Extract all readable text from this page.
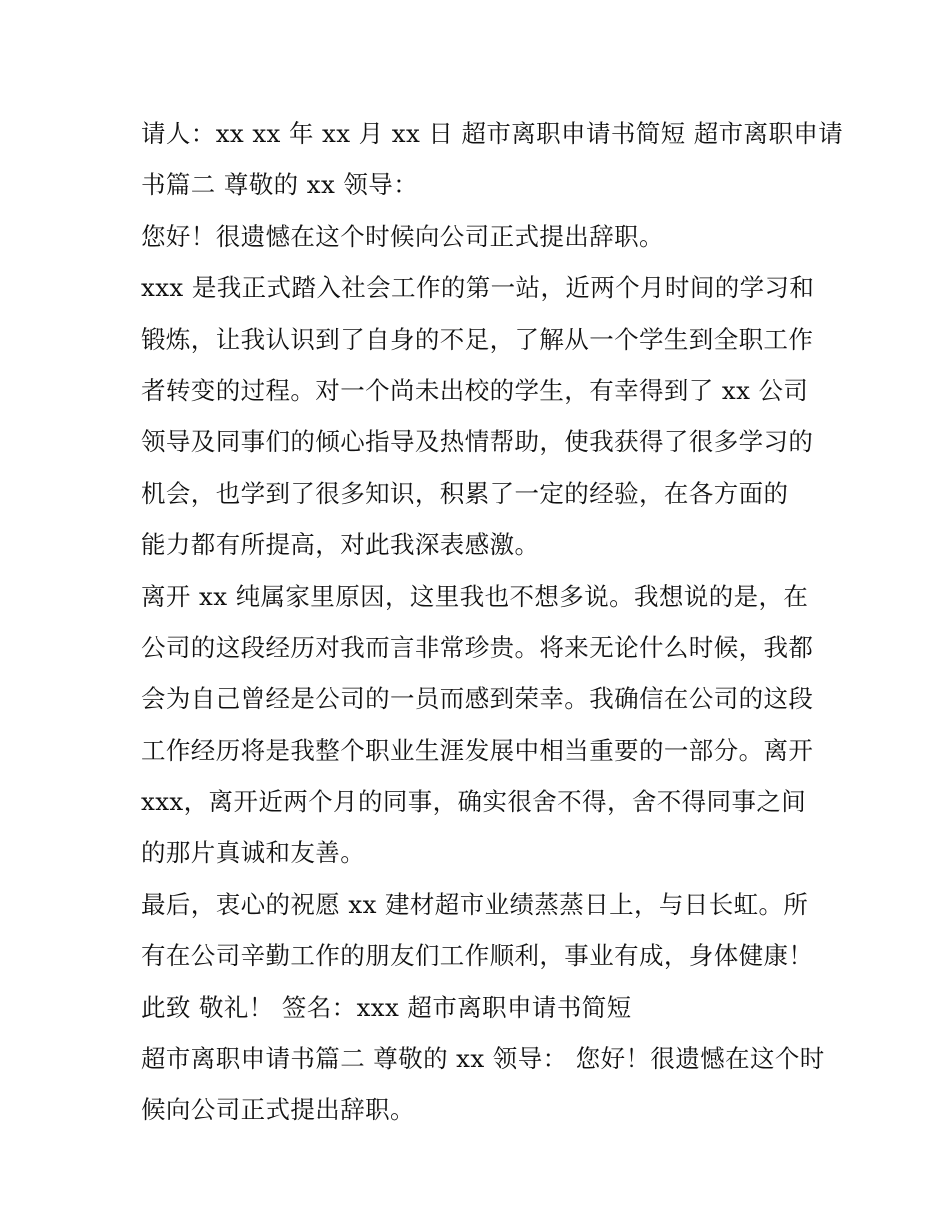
请人：xx xx 年 xx 月 xx 日 超市离职申请书简短 超市离职申请
书篇二 尊敬的 xx 领导：
您好！很遗憾在这个时候向公司正式提出辞职。
xxx 是我正式踏入社会工作的第一站，近两个月时间的学习和
锻炼，让我认识到了自身的不足，了解从一个学生到全职工作
者转变的过程。对一个尚未出校的学生，有幸得到了 xx 公司
领导及同事们的倾心指导及热情帮助，使我获得了很多学习的
机会，也学到了很多知识，积累了一定的经验，在各方面的
能力都有所提高，对此我深表感激。
离开 xx 纯属家里原因，这里我也不想多说。我想说的是，在
公司的这段经历对我而言非常珍贵。将来无论什么时候，我都
会为自己曾经是公司的一员而感到荣幸。我确信在公司的这段
工作经历将是我整个职业生涯发展中相当重要的一部分。离开
xxx，离开近两个月的同事，确实很舍不得，舍不得同事之间
的那片真诚和友善。
最后，衷心的祝愿 xx 建材超市业绩蒸蒸日上，与日长虹。所
有在公司辛勤工作的朋友们工作顺利，事业有成，身体健康！
此致 敬礼！ 签名：xxx 超市离职申请书简短
超市离职申请书篇二 尊敬的 xx 领导： 您好！很遗憾在这个时
候向公司正式提出辞职。
